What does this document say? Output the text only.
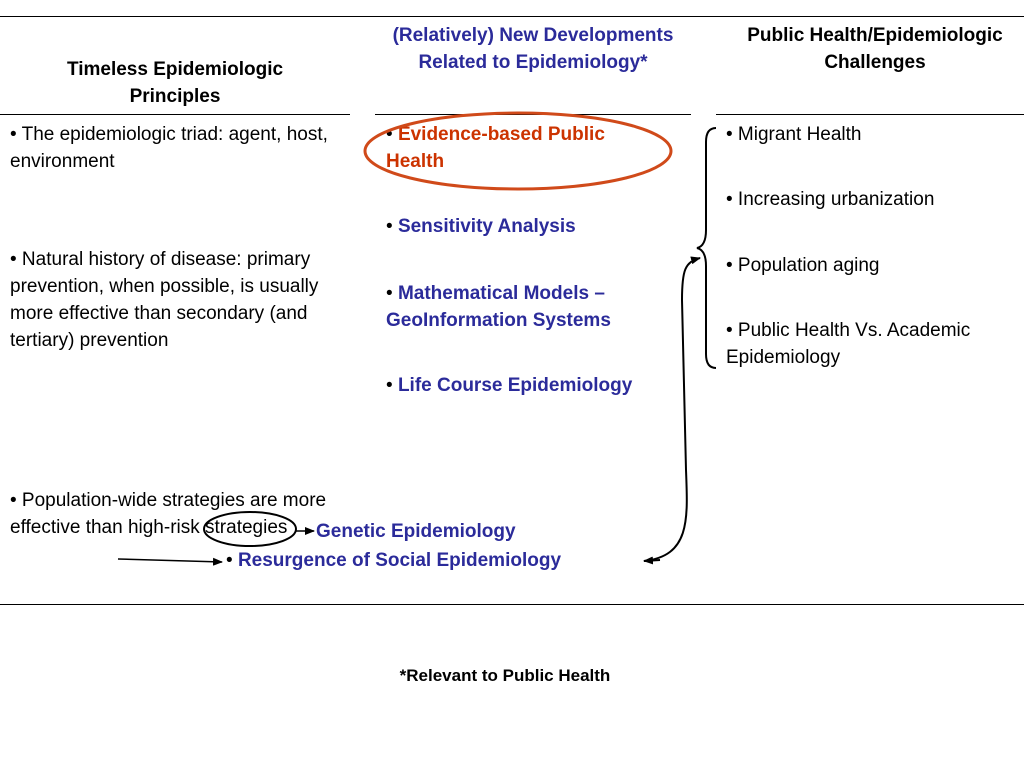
Timeless Epidemiologic Principles
(Relatively) New Developments Related to Epidemiology*
Public Health/Epidemiologic Challenges
• The epidemiologic triad: agent, host, environment
• Natural history of disease: primary prevention, when possible, is usually more effective than secondary (and tertiary) prevention
• Population-wide strategies are more effective than high-risk strategies
• Evidence-based Public Health
• Sensitivity Analysis
• Mathematical Models – GeoInformation Systems
• Life Course Epidemiology
Genetic Epidemiology
• Resurgence of Social Epidemiology
• Migrant Health
• Increasing urbanization
• Population aging
• Public Health Vs. Academic Epidemiology
*Relevant to Public Health
